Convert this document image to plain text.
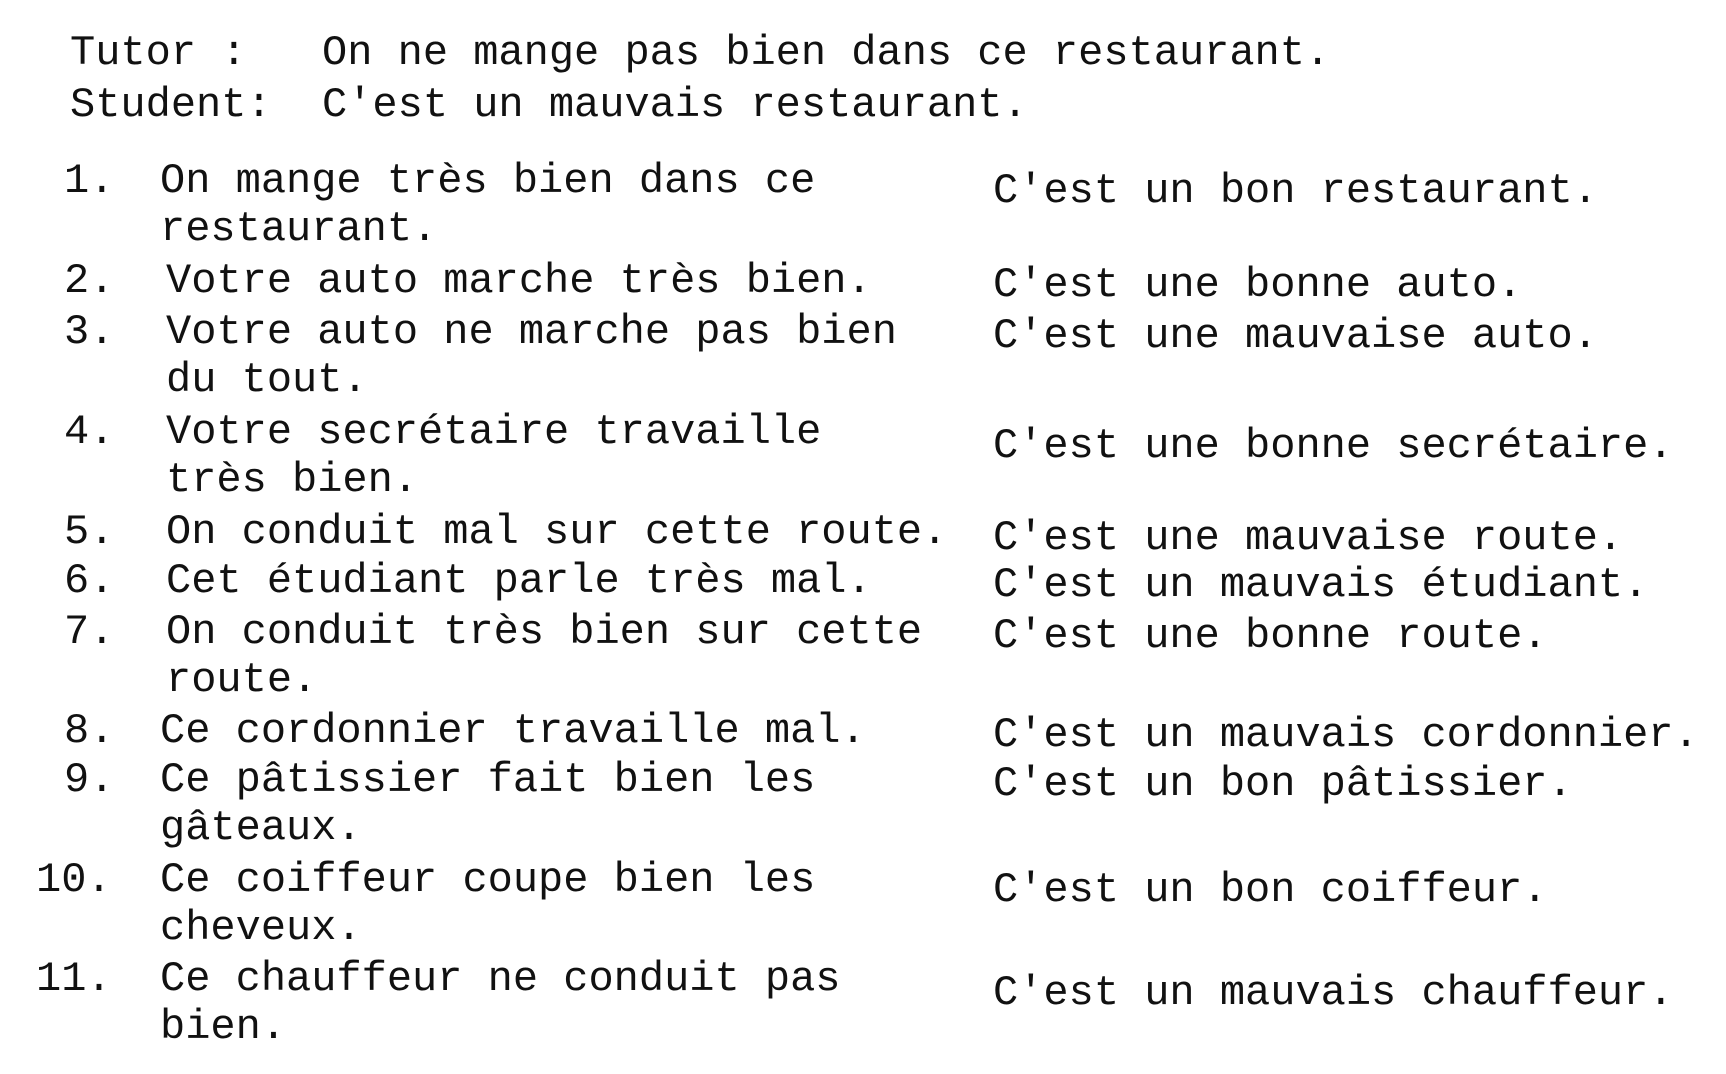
Tutor : On ne mange pas bien dans ce restaurant.
Student: C'est un mauvais restaurant.
1. On mange très bien dans ce restaurant.
C'est un bon restaurant.
2. Votre auto marche très bien.	C'est une bonne auto.
3. Votre auto ne marche pas bien du tout.
C'est une mauvaise auto.
4. Votre secrétaire travaille très bien.
C'est une bonne secrétaire.
5. On conduit mal sur cette route. C'est une mauvaise route.
6. Cet étudiant parle très mal.	C'est un mauvais étudiant.
7. On conduit très bien sur cette route.
C'est une bonne route.
8. Ce cordonnier travaille mal.	C'est un mauvais cordonnier.
9. Ce pâtissier fait bien les gâteaux.
C'est un bon pâtissier.
10. Ce coiffeur coupe bien les cheveux.
C'est un bon coiffeur.
11. Ce chauffeur ne conduit pas bien.
C'est un mauvais chauffeur.
